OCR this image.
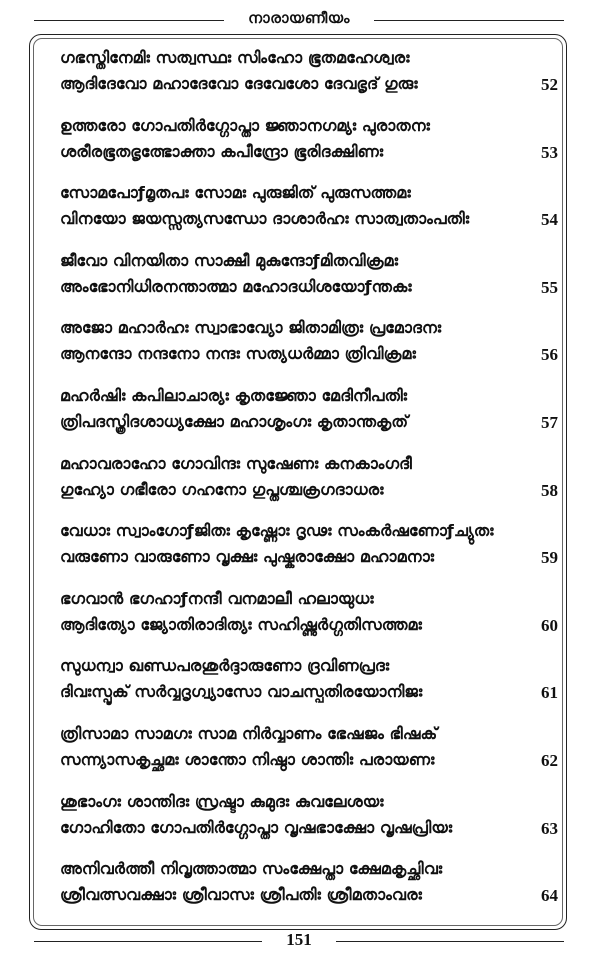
നാരായണീയം
ഗഭസ്തിനേമിഃ സത്വസ്ഥഃ സിംഹോ ഭൂതമഹേശ്വരഃ
ആദിദേവോ മഹാദേവോ ദേവേശോ ദേവഭൃദ് ഗുരുഃ	52
ഉത്തരോ ഗോപതിർഗ്ഗോപ്താ ജ്ഞാനഗമ്യഃ പുരാതനഃ
ശരീരഭൂതഭൃത്ഭോക്താ കപീന്ദ്രോ ഭൂരിദക്ഷിണഃ	53
സോമപോƒമൃതപഃ സോമഃ പുരുജിത് പുരുസത്തമഃ
വിനയോ ജയസ്സത്യസന്ധോ ദാശാർഹഃ സാത്വതാംപതിഃ	54
ജീവോ വിനയിതാ സാക്ഷീ മുകുന്ദോƒമിതവിക്രമഃ
അംഭോനിധിരനന്താത്മാ മഹോദധിശയോƒന്തകഃ	55
അജോ മഹാർഹഃ സ്വാഭാവ്യോ ജിതാമിത്രഃ പ്രമോദനഃ
ആനന്ദോ നന്ദനോ നന്ദഃ സത്യധർമ്മാ ത്രിവിക്രമഃ	56
മഹർഷിഃ കപിലാചാര്യഃ കൃതജ്ഞോ മേദിനീപതിഃ
ത്രിപദസ്ത്രിദശാധ്യക്ഷോ മഹാശൃംഗഃ കൃതാന്തകൃത്	57
മഹാവരാഹോ ഗോവിന്ദഃ സുഷേണഃ കനകാംഗദീ
ഗുഹ്യോ ഗഭീരോ ഗഹനോ ഗുപ്തശ്ചക്രഗദാധരഃ	58
വേധാഃ സ്വാംഗോƒജിതഃ കൃഷ്ണോഃ ദൃഢഃ സംകർഷണോƒച്യുതഃ
വരുണോ വാരുണോ വൃക്ഷഃ പുഷ്കരാക്ഷോ മഹാമനാഃ	59
ഭഗവാൻ ഭഗഹാƒനന്ദീ വനമാലീ ഹലായുധഃ
ആദിത്യോ ജ്യോതിരാദിത്യഃ സഹിഷ്ണുർഗ്ഗതിസത്തമഃ	60
സുധന്വാ ഖണ്ഡപരശുർദ്ദാരുണോ ദ്രവിണപ്രദഃ
ദിവഃസ്പൃക് സർവ്വദൃഗ്വ്യാസോ വാചസ്പതിരയോനിജഃ	61
ത്രിസാമാ സാമഗഃ സാമ നിർവ്വാണം ഭേഷജം ഭിഷക്
സന്ന്യാസകൃച്ഛമഃ ശാന്തോ നിഷ്ഠാ ശാന്തിഃ പരായണഃ	62
ശുഭാംഗഃ ശാന്തിദഃ സ്രഷ്ടാ കുമുദഃ കുവലേശയഃ
ഗോഹിതോ ഗോപതിർഗ്ഗോപ്താ വൃഷഭാക്ഷോ വൃഷപ്രിയഃ	63
അനിവർത്തീ നിവൃത്താത്മാ സംക്ഷേപ്താ ക്ഷേമകൃച്ഛിവഃ
ശ്രീവത്സവക്ഷാഃ ശ്രീവാസഃ ശ്രീപതിഃ ശ്രീമതാംവരഃ	64
151
